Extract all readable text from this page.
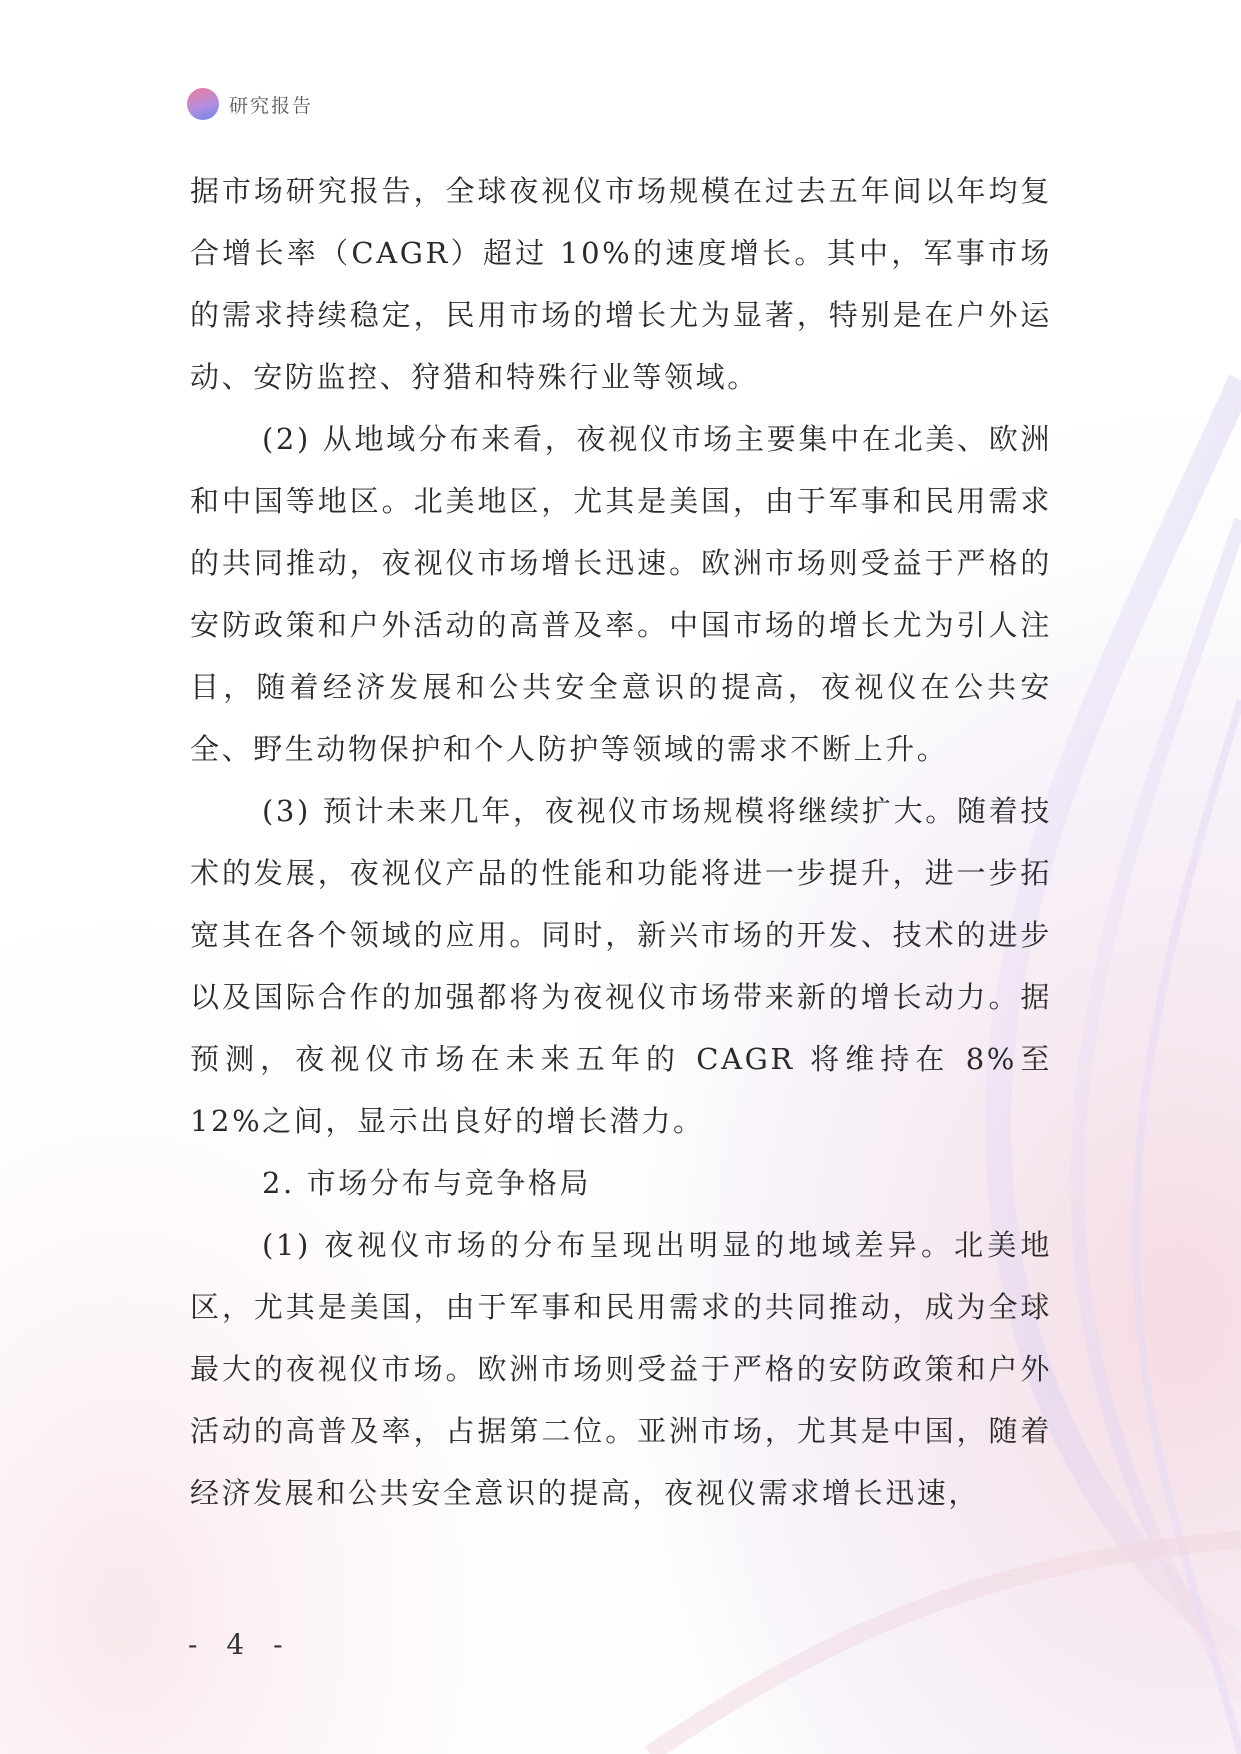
研究报告

据市场研究报告，全球夜视仪市场规模在过去五年间以年均复合增长率（CAGR）超过 10%的速度增长。其中，军事市场的需求持续稳定，民用市场的增长尤为显著，特别是在户外运动、安防监控、狩猎和特殊行业等领域。

(2) 从地域分布来看，夜视仪市场主要集中在北美、欧洲和中国等地区。北美地区，尤其是美国，由于军事和民用需求的共同推动，夜视仪市场增长迅速。欧洲市场则受益于严格的安防政策和户外活动的高普及率。中国市场的增长尤为引人注目，随着经济发展和公共安全意识的提高，夜视仪在公共安全、野生动物保护和个人防护等领域的需求不断上升。

(3) 预计未来几年，夜视仪市场规模将继续扩大。随着技术的发展，夜视仪产品的性能和功能将进一步提升，进一步拓宽其在各个领域的应用。同时，新兴市场的开发、技术的进步以及国际合作的加强都将为夜视仪市场带来新的增长动力。据预测，夜视仪市场在未来五年的 CAGR 将维持在 8%至 12%之间，显示出良好的增长潜力。

2. 市场分布与竞争格局

(1) 夜视仪市场的分布呈现出明显的地域差异。北美地区，尤其是美国，由于军事和民用需求的共同推动，成为全球最大的夜视仪市场。欧洲市场则受益于严格的安防政策和户外活动的高普及率，占据第二位。亚洲市场，尤其是中国，随着经济发展和公共安全意识的提高，夜视仪需求增长迅速，

- 4 -
